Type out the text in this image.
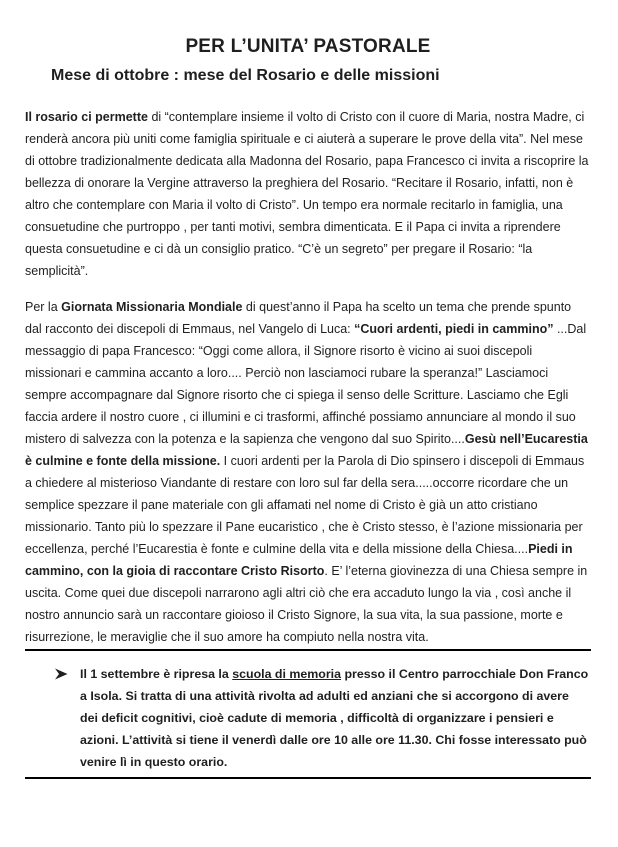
PER L’UNITA’ PASTORALE
Mese di ottobre : mese del Rosario e delle missioni

Il rosario ci permette di “contemplare insieme il volto di Cristo con il cuore di Maria, nostra Madre, ci renderà ancora più uniti come famiglia spirituale e ci aiuterà a superare le prove della vita”. Nel mese di ottobre tradizionalmente dedicata alla Madonna del Rosario, papa Francesco ci invita a riscoprire la bellezza di onorare la Vergine attraverso la preghiera del Rosario. “Recitare il Rosario, infatti, non è altro che contemplare con Maria il volto di Cristo”. Un tempo era normale recitarlo in famiglia, una consuetudine che purtroppo , per tanti motivi, sembra dimenticata. E il Papa ci invita a riprendere questa consuetudine e ci dà un consiglio pratico. “C’è un segreto” per pregare il Rosario: “la semplicità”.

Per la Giornata Missionaria Mondiale di quest’anno il Papa ha scelto un tema che prende spunto dal racconto dei discepoli di Emmaus, nel Vangelo di Luca: “Cuori ardenti, piedi in cammino” ...Dal messaggio di papa Francesco: “Oggi come allora, il Signore risorto è vicino ai suoi discepoli missionari e cammina accanto a loro.... Perciò non lasciamoci rubare la speranza!” Lasciamoci sempre accompagnare dal Signore risorto che ci spiega il senso delle Scritture. Lasciamo che Egli faccia ardere il nostro cuore , ci illumini e ci trasformi, affinché possiamo annunciare al mondo il suo mistero di salvezza con la potenza e la sapienza che vengono dal suo Spirito....Gesù nell’Eucarestia è culmine e fonte della missione. I cuori ardenti per la Parola di Dio spinsero i discepoli di Emmaus a chiedere al misterioso Viandante di restare con loro sul far della sera.....occorre ricordare che un semplice spezzare il pane materiale con gli affamati nel nome di Cristo è già un atto cristiano missionario. Tanto più lo spezzare il Pane eucaristico , che è Cristo stesso, è l’azione missionaria per eccellenza, perché l’Eucarestia è fonte e culmine della vita e della missione della Chiesa....Piedi in cammino, con la gioia di raccontare Cristo Risorto. E’ l’eterna giovinezza di una Chiesa sempre in uscita. Come quei due discepoli narrarono agli altri ciò che era accaduto lungo la via , così anche il nostro annuncio sarà un raccontare gioioso il Cristo Signore, la sua vita, la sua passione, morte e risurrezione, le meraviglie che il suo amore ha compiuto nella nostra vita.

Il 1 settembre è ripresa la scuola di memoria presso il Centro parrocchiale Don Franco a Isola. Si tratta di una attività rivolta ad adulti ed anziani che si accorgono di avere dei deficit cognitivi, cioè cadute di memoria , difficoltà di organizzare i pensieri e azioni. L’attività si tiene il venerdì dalle ore 10 alle ore 11.30. Chi fosse interessato può venire lì in questo orario.
